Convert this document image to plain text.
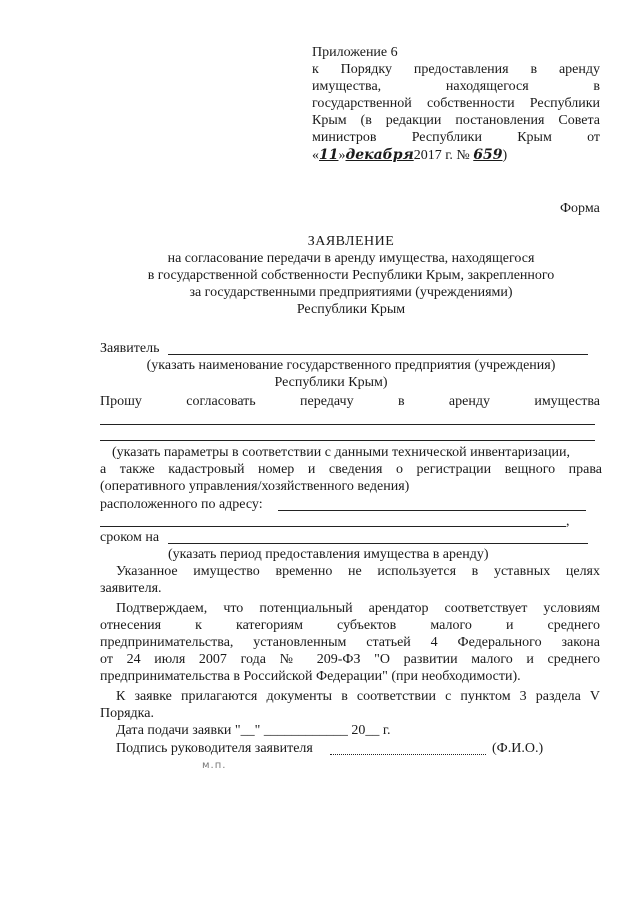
Приложение 6
к Порядку предоставления в аренду
имущества, находящегося в
государственной собственности Республики
Крым (в редакции постановления Совета
министров Республики Крым от
«11»декабря2017 г. № 659)
Форма
ЗАЯВЛЕНИЕ
на согласование передачи в аренду имущества, находящегося
в государственной собственности Республики Крым, закрепленного
за государственными предприятиями (учреждениями)
Республики Крым
Заявитель
(указать наименование государственного предприятия (учреждения)
Республики Крым)
Прошу согласовать передачу в аренду имущества
(указать параметры в соответствии с данными технической инвентаризации,
а также кадастровый номер и сведения о регистрации вещного права
(оперативного управления/хозяйственного ведения)
расположенного по адресу:
,
сроком на
(указать период предоставления имущества в аренду)
Указанное имущество временно не используется в уставных целях
заявителя.
Подтверждаем, что потенциальный арендатор соответствует условиям
отнесения к категориям субъектов малого и среднего
предпринимательства, установленным статьей 4 Федерального закона
от 24 июля 2007 года № 209-ФЗ "О развитии малого и среднего
предпринимательства в Российской Федерации" (при необходимости).
К заявке прилагаются документы в соответствии с пунктом 3 раздела V
Порядка.
Дата подачи заявки "__" ____________ 20__ г.
Подпись руководителя заявителя	(Ф.И.О.)
м.п.
